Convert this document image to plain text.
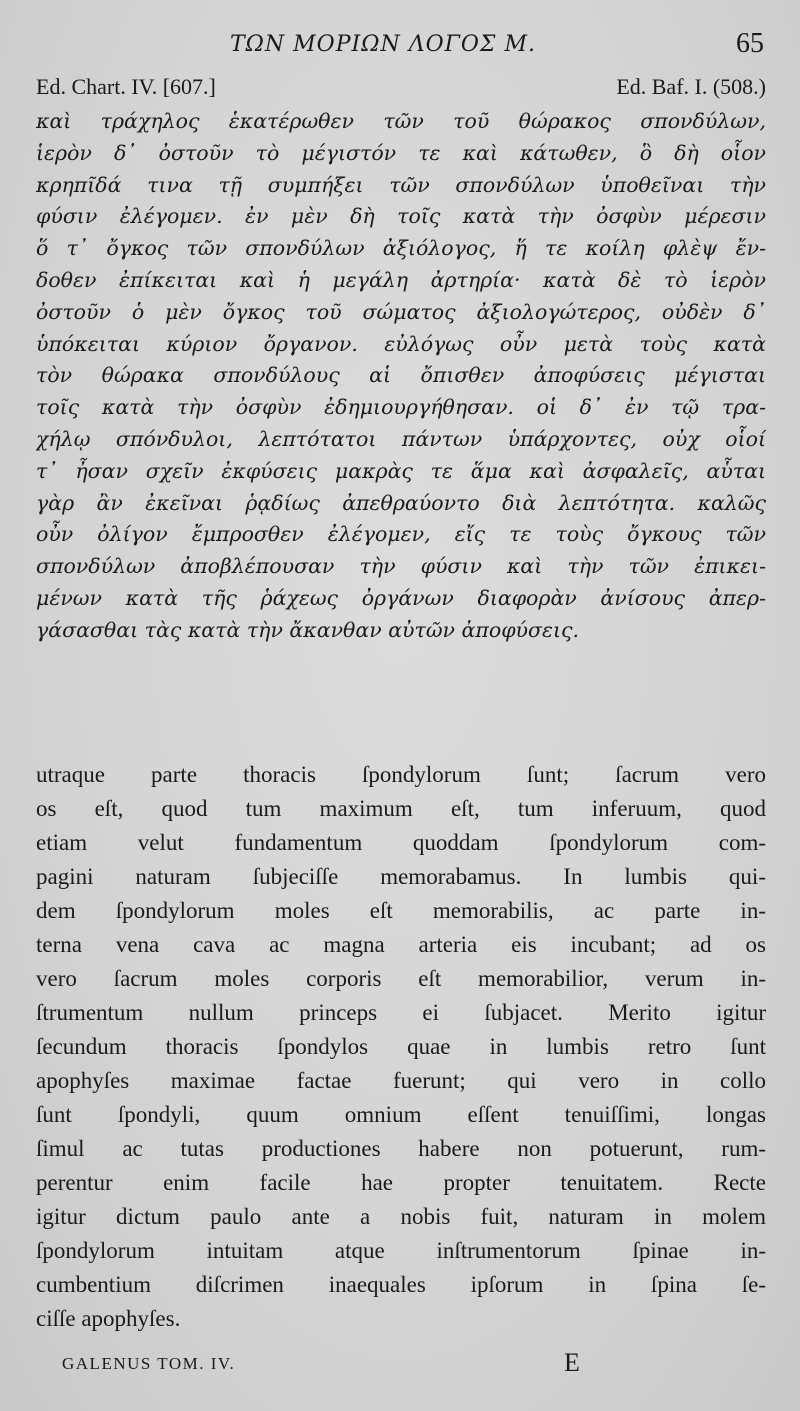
ΤΩΝ ΜΟΡΙΩΝ ΛΟΓΟΣ Μ.	65
Ed. Chart. IV. [607.]	Ed. Baf. I. (508.)
καὶ τράχηλος ἑκατέρωθεν τῶν τοῦ θώρακος σπονδύλων,
ἱερὸν δ᾽ ὀστοῦν τὸ μέγιστόν τε καὶ κάτωθεν, ὃ δὴ οἷον
κρηπῖδά τινα τῇ συμπήξει τῶν σπονδύλων ὑποθεῖναι τὴν
φύσιν ἐλέγομεν. ἐν μὲν δὴ τοῖς κατὰ τὴν ὀσφὺν μέρεσιν
ὅ τ᾽ ὄγκος τῶν σπονδύλων ἀξιόλογος, ἥ τε κοίλη φλὲψ ἔν-
δοθεν ἐπίκειται καὶ ἡ μεγάλη ἀρτηρία· κατὰ δὲ τὸ ἱερὸν
ὀστοῦν ὁ μὲν ὄγκος τοῦ σώματος ἀξιολογώτερος, οὐδὲν δ᾽
ὑπόκειται κύριον ὄργανον. εὐλόγως οὖν μετὰ τοὺς κατὰ
τὸν θώρακα σπονδύλους αἱ ὄπισθεν ἀποφύσεις μέγισται
τοῖς κατὰ τὴν ὀσφὺν ἐδημιουργήθησαν. οἱ δ᾽ ἐν τῷ τρα-
χήλῳ σπόνδυλοι, λεπτότατοι πάντων ὑπάρχοντες, οὐχ οἷοί
τ᾽ ἦσαν σχεῖν ἐκφύσεις μακρὰς τε ἅμα καὶ ἀσφαλεῖς, αὗται
γὰρ ἂν ἐκεῖναι ῥᾳδίως ἀπεθραύοντο διὰ λεπτότητα. καλῶς
οὖν ὀλίγον ἔμπροσθεν ἐλέγομεν, εἴς τε τοὺς ὄγκους τῶν
σπονδύλων ἀποβλέπουσαν τὴν φύσιν καὶ τὴν τῶν ἐπικει-
μένων κατὰ τῆς ῥάχεως ὀργάνων διαφορὰν ἀνίσους ἀπερ-
γάσασθαι τὰς κατὰ τὴν ἄκανθαν αὐτῶν ἀποφύσεις.
utraque parte thoracis ſpondylorum ſunt; ſacrum vero
os eſt, quod tum maximum eſt, tum inferuum, quod
etiam velut fundamentum quoddam ſpondylorum com-
pagini naturam ſubjeciſſe memorabamus. In lumbis qui-
dem ſpondylorum moles eſt memorabilis, ac parte in-
terna vena cava ac magna arteria eis incubant; ad os
vero ſacrum moles corporis eſt memorabilior, verum in-
ſtrumentum nullum princeps ei ſubjacet. Merito igitur
ſecundum thoracis ſpondylos quae in lumbis retro ſunt
apophyſes maximae factae fuerunt; qui vero in collo
ſunt ſpondyli, quum omnium eſſent tenuiſſimi, longas
ſimul ac tutas productiones habere non potuerunt, rum-
perentur enim facile hae propter tenuitatem. Recte
igitur dictum paulo ante a nobis fuit, naturam in molem
ſpondylorum intuitam atque inſtrumentorum ſpinae in-
cumbentium diſcrimen inaequales ipſorum in ſpina ſe-
ciſſe apophyſes.
GALENUS TOM. IV.	E
